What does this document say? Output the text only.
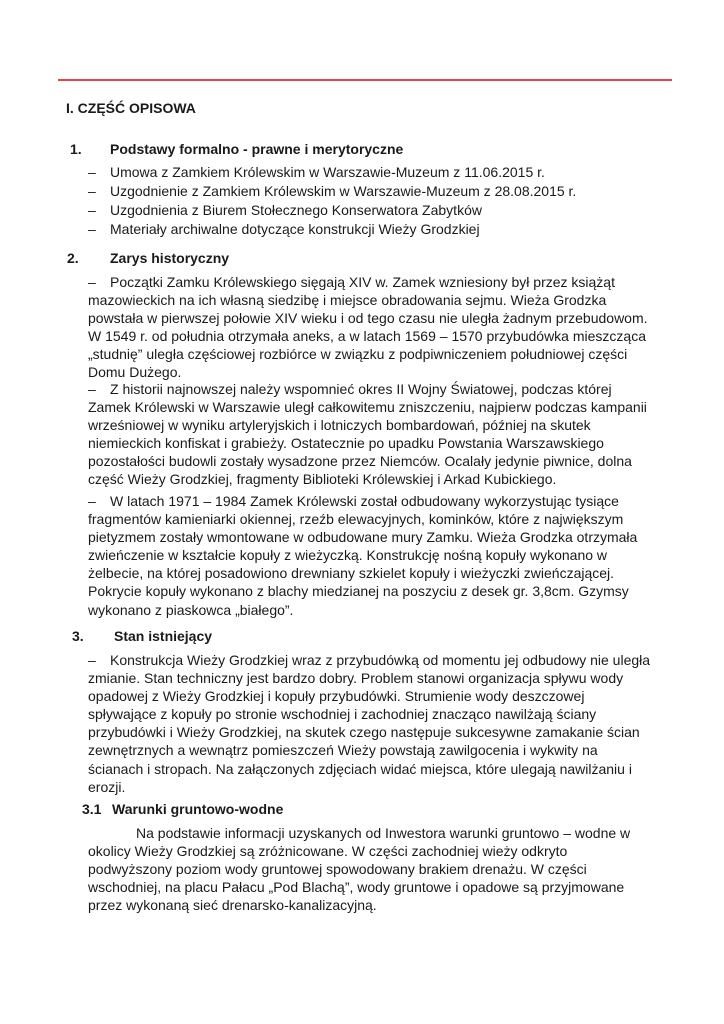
I. CZĘŚĆ OPISOWA
1. Podstawy formalno - prawne i merytoryczne
– Umowa z Zamkiem Królewskim w Warszawie-Muzeum z 11.06.2015 r.
– Uzgodnienie z Zamkiem Królewskim w Warszawie-Muzeum z 28.08.2015 r.
– Uzgodnienia z Biurem Stołecznego Konserwatora Zabytków
– Materiały archiwalne dotyczące konstrukcji Wieży Grodzkiej
2. Zarys historyczny

– Początki Zamku Królewskiego sięgają XIV w. Zamek wzniesiony był przez książąt mazowieckich na ich własną siedzibę i miejsce obradowania sejmu. Wieża Grodzka powstała w pierwszej połowie XIV wieku i od tego czasu nie uległa żadnym przebudowom. W 1549 r. od południa otrzymała aneks, a w latach 1569 – 1570 przybudówka mieszcząca „studnię” uległa częściowej rozbiórce w związku z podpiwniczeniem południowej części Domu Dużego.

– Z historii najnowszej należy wspomnieć okres II Wojny Światowej, podczas której Zamek Królewski w Warszawie uległ całkowitemu zniszczeniu, najpierw podczas kampanii wrześniowej w wyniku artyleryjskich i lotniczych bombardowań, później na skutek niemieckich konfiskat i grabieży. Ostatecznie po upadku Powstania Warszawskiego pozostałości budowli zostały wysadzone przez Niemców. Ocalały jedynie piwnice, dolna część Wieży Grodzkiej, fragmenty Biblioteki Królewskiej i Arkad Kubickiego.

– W latach 1971 – 1984 Zamek Królewski został odbudowany wykorzystując tysiące fragmentów kamieniarki okiennej, rzeźb elewacyjnych, kominków, które z największym pietyzmem zostały wmontowane w odbudowane mury Zamku. Wieża Grodzka otrzymała zwieńczenie w kształcie kopuły z wieżyczką. Konstrukcję nośną kopuły wykonano w żelbecie, na której posadowiono drewniany szkielet kopuły i wieżyczki zwieńczającej. Pokrycie kopuły wykonano z blachy miedzianej na poszyciu z desek gr. 3,8cm. Gzymsy wykonano z piaskowca „białego”.

3. Stan istniejący

– Konstrukcja Wieży Grodzkiej wraz z przybudówką od momentu jej odbudowy nie uległa zmianie. Stan techniczny jest bardzo dobry. Problem stanowi organizacja spływu wody opadowej z Wieży Grodzkiej i kopuły przybudówki. Strumienie wody deszczowej spływające z kopuły po stronie wschodniej i zachodniej znacząco nawilżają ściany przybudówki i Wieży Grodzkiej, na skutek czego następuje sukcesywne zamakanie ścian zewnętrznych a wewnątrz pomieszczeń Wieży powstają zawilgocenia i wykwity na ścianach i stropach. Na załączonych zdjęciach widać miejsca, które ulegają nawilżaniu i erozji.

3.1 Warunki gruntowo-wodne

Na podstawie informacji uzyskanych od Inwestora warunki gruntowo – wodne w okolicy Wieży Grodzkiej są zróżnicowane. W części zachodniej wieży odkryto podwyższony poziom wody gruntowej spowodowany brakiem drenażu. W części wschodniej, na placu Pałacu „Pod Blachą”, wody gruntowe i opadowe są przyjmowane przez wykonaną sieć drenarsko-kanalizacyjną.
